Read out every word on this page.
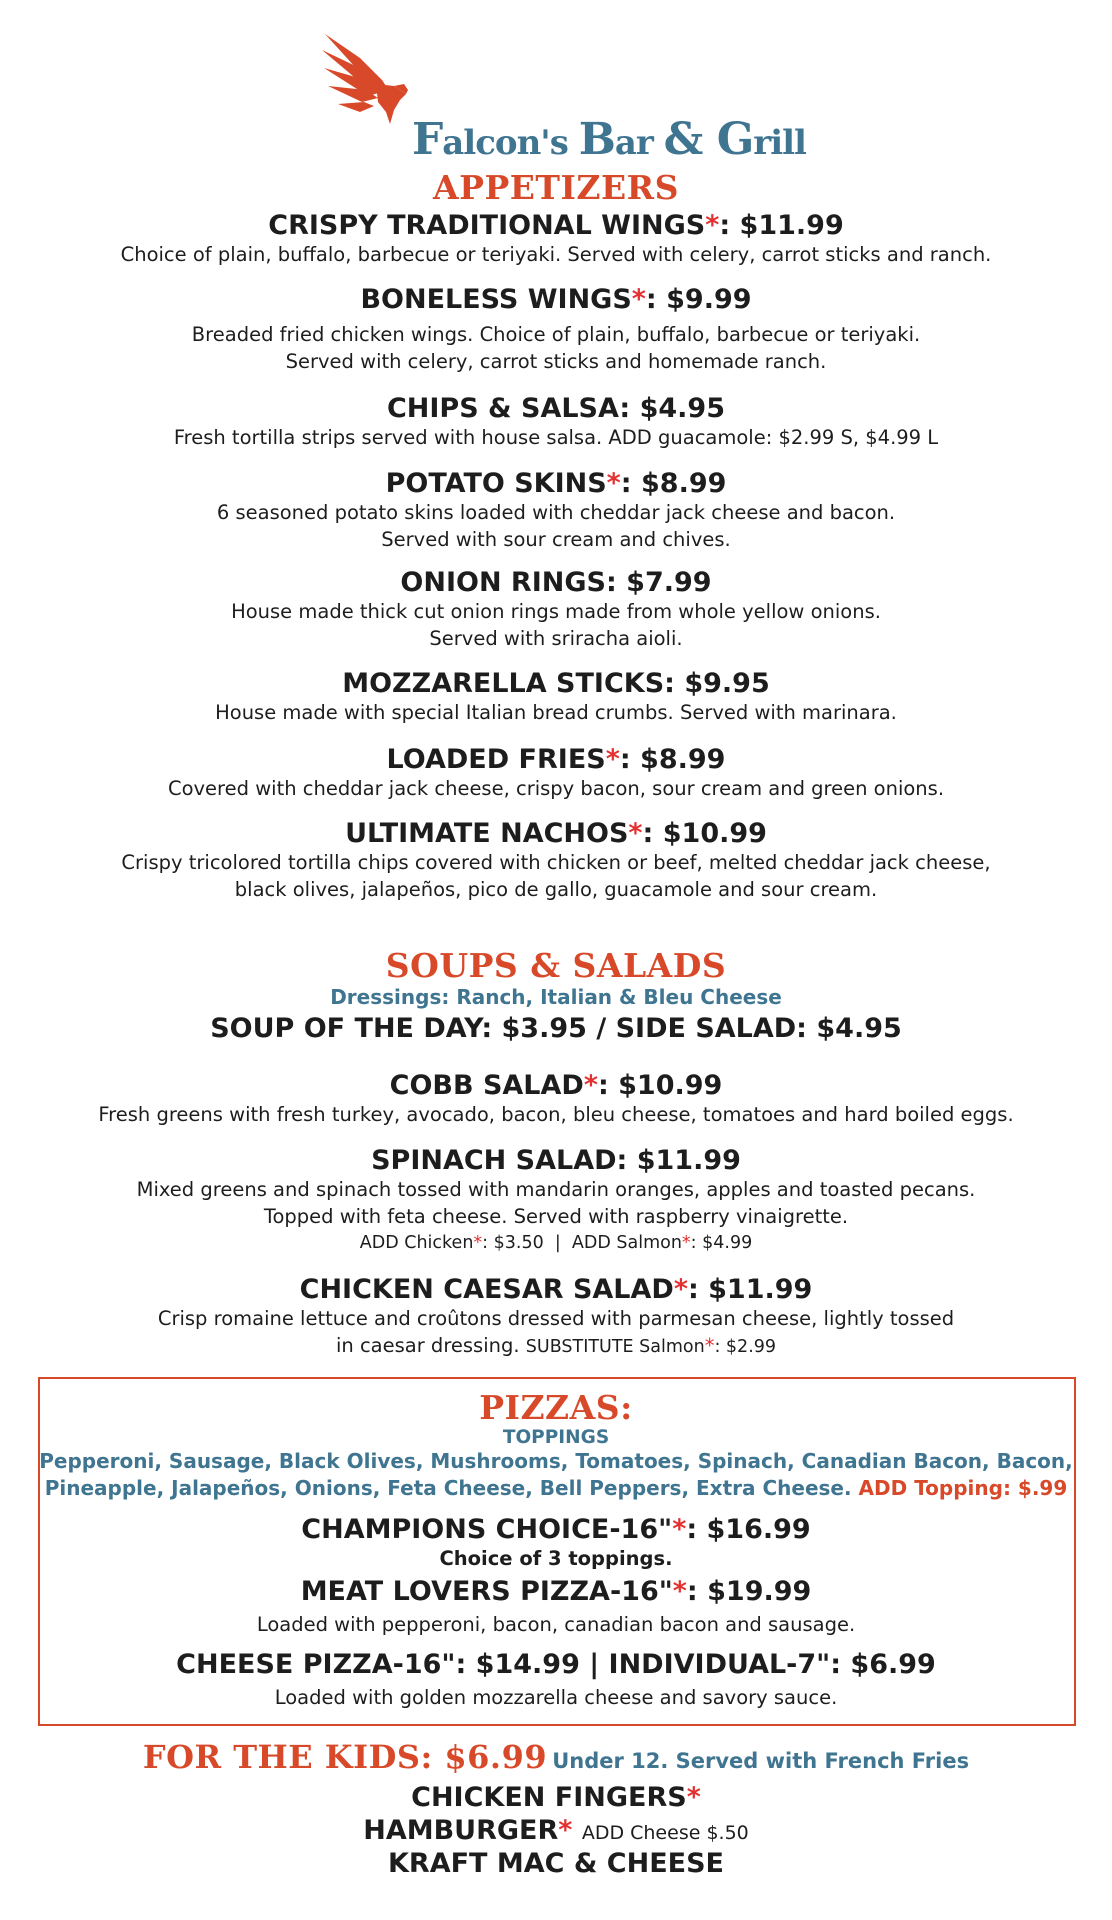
Falcon's Bar & Grill
APPETIZERS

CRISPY TRADITIONAL WINGS*: $11.99

Choice of plain, buffalo, barbecue or teriyaki. Served with celery, carrot sticks and ranch.

BONELESS WINGS*: $9.99

Breaded fried chicken wings. Choice of plain, buffalo, barbecue or teriyaki.

Served with celery, carrot sticks and homemade ranch.

CHIPS & SALSA: $4.95

Fresh tortilla strips served with house salsa. ADD guacamole: $2.99 S, $4.99 L

POTATO SKINS*: $8.99

6 seasoned potato skins loaded with cheddar jack cheese and bacon.

Served with sour cream and chives.

ONION RINGS: $7.99

House made thick cut onion rings made from whole yellow onions.

Served with sriracha aioli.

MOZZARELLA STICKS: $9.95

House made with special Italian bread crumbs. Served with marinara.

LOADED FRIES*: $8.99

Covered with cheddar jack cheese, crispy bacon, sour cream and green onions.

ULTIMATE NACHOS*: $10.99

Crispy tricolored tortilla chips covered with chicken or beef, melted cheddar jack cheese,

black olives, jalapeños, pico de gallo, guacamole and sour cream.

SOUPS & SALADS

Dressings: Ranch, Italian & Bleu Cheese

SOUP OF THE DAY: $3.95 / SIDE SALAD: $4.95

COBB SALAD*: $10.99

Fresh greens with fresh turkey, avocado, bacon, bleu cheese, tomatoes and hard boiled eggs.

SPINACH SALAD: $11.99

Mixed greens and spinach tossed with mandarin oranges, apples and toasted pecans.

Topped with feta cheese. Served with raspberry vinaigrette.

ADD Chicken*: $3.50  |  ADD Salmon*: $4.99

CHICKEN CAESAR SALAD*: $11.99

Crisp romaine lettuce and croûtons dressed with parmesan cheese, lightly tossed

in caesar dressing. SUBSTITUTE Salmon*: $2.99

PIZZAS:

TOPPINGS

Pepperoni, Sausage, Black Olives, Mushrooms, Tomatoes, Spinach, Canadian Bacon, Bacon,

Pineapple, Jalapeños, Onions, Feta Cheese, Bell Peppers, Extra Cheese. ADD Topping: $.99

CHAMPIONS CHOICE-16"*: $16.99

Choice of 3 toppings.

MEAT LOVERS PIZZA-16"*: $19.99

Loaded with pepperoni, bacon, canadian bacon and sausage.

CHEESE PIZZA-16": $14.99 | INDIVIDUAL-7": $6.99

Loaded with golden mozzarella cheese and savory sauce.

FOR THE KIDS: $6.99 Under 12. Served with French Fries

CHICKEN FINGERS*

HAMBURGER* ADD Cheese $.50

KRAFT MAC & CHEESE
